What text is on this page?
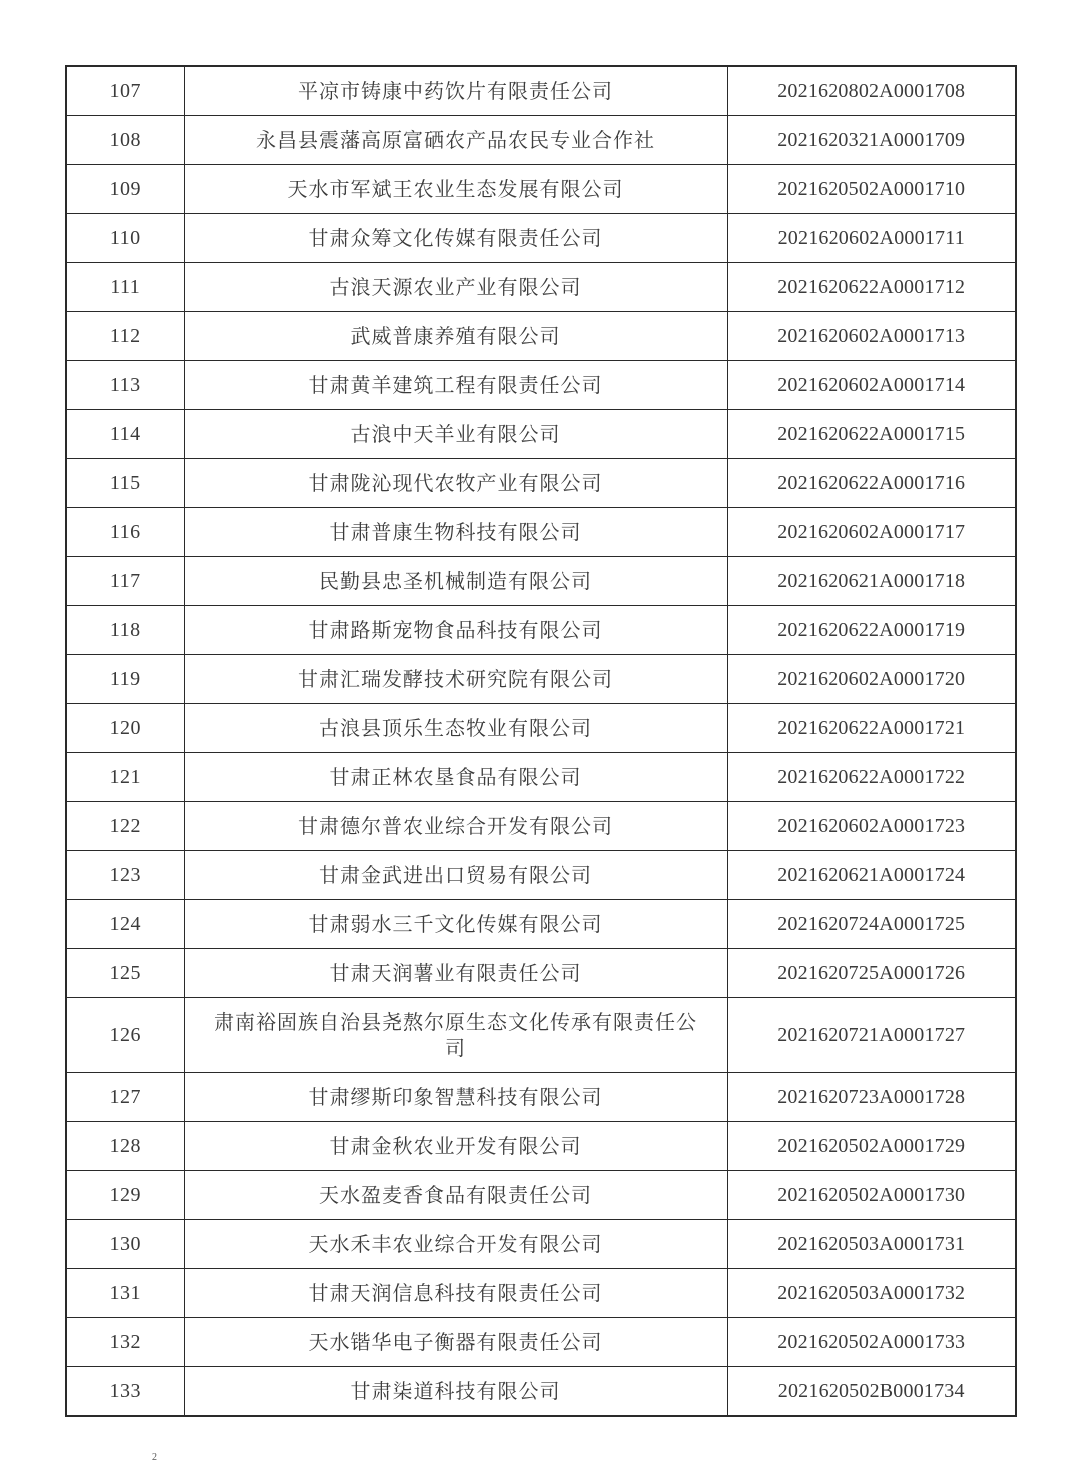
107	平凉市铸康中药饮片有限责任公司	2021620802A0001708
108	永昌县震藩高原富硒农产品农民专业合作社	2021620321A0001709
109	天水市军斌王农业生态发展有限公司	2021620502A0001710
110	甘肃众筹文化传媒有限责任公司	2021620602A0001711
111	古浪天源农业产业有限公司	2021620622A0001712
112	武威普康养殖有限公司	2021620602A0001713
113	甘肃黄羊建筑工程有限责任公司	2021620602A0001714
114	古浪中天羊业有限公司	2021620622A0001715
115	甘肃陇沁现代农牧产业有限公司	2021620622A0001716
116	甘肃普康生物科技有限公司	2021620602A0001717
117	民勤县忠圣机械制造有限公司	2021620621A0001718
118	甘肃路斯宠物食品科技有限公司	2021620622A0001719
119	甘肃汇瑞发酵技术研究院有限公司	2021620602A0001720
120	古浪县顶乐生态牧业有限公司	2021620622A0001721
121	甘肃正林农垦食品有限公司	2021620622A0001722
122	甘肃德尔普农业综合开发有限公司	2021620602A0001723
123	甘肃金武进出口贸易有限公司	2021620621A0001724
124	甘肃弱水三千文化传媒有限公司	2021620724A0001725
125	甘肃天润薯业有限责任公司	2021620725A0001726
126	肃南裕固族自治县尧熬尔原生态文化传承有限责任公司	2021620721A0001727
127	甘肃缪斯印象智慧科技有限公司	2021620723A0001728
128	甘肃金秋农业开发有限公司	2021620502A0001729
129	天水盈麦香食品有限责任公司	2021620502A0001730
130	天水禾丰农业综合开发有限公司	2021620503A0001731
131	甘肃天润信息科技有限责任公司	2021620503A0001732
132	天水锴华电子衡器有限责任公司	2021620502A0001733
133	甘肃柒道科技有限公司	2021620502B0001734
2
